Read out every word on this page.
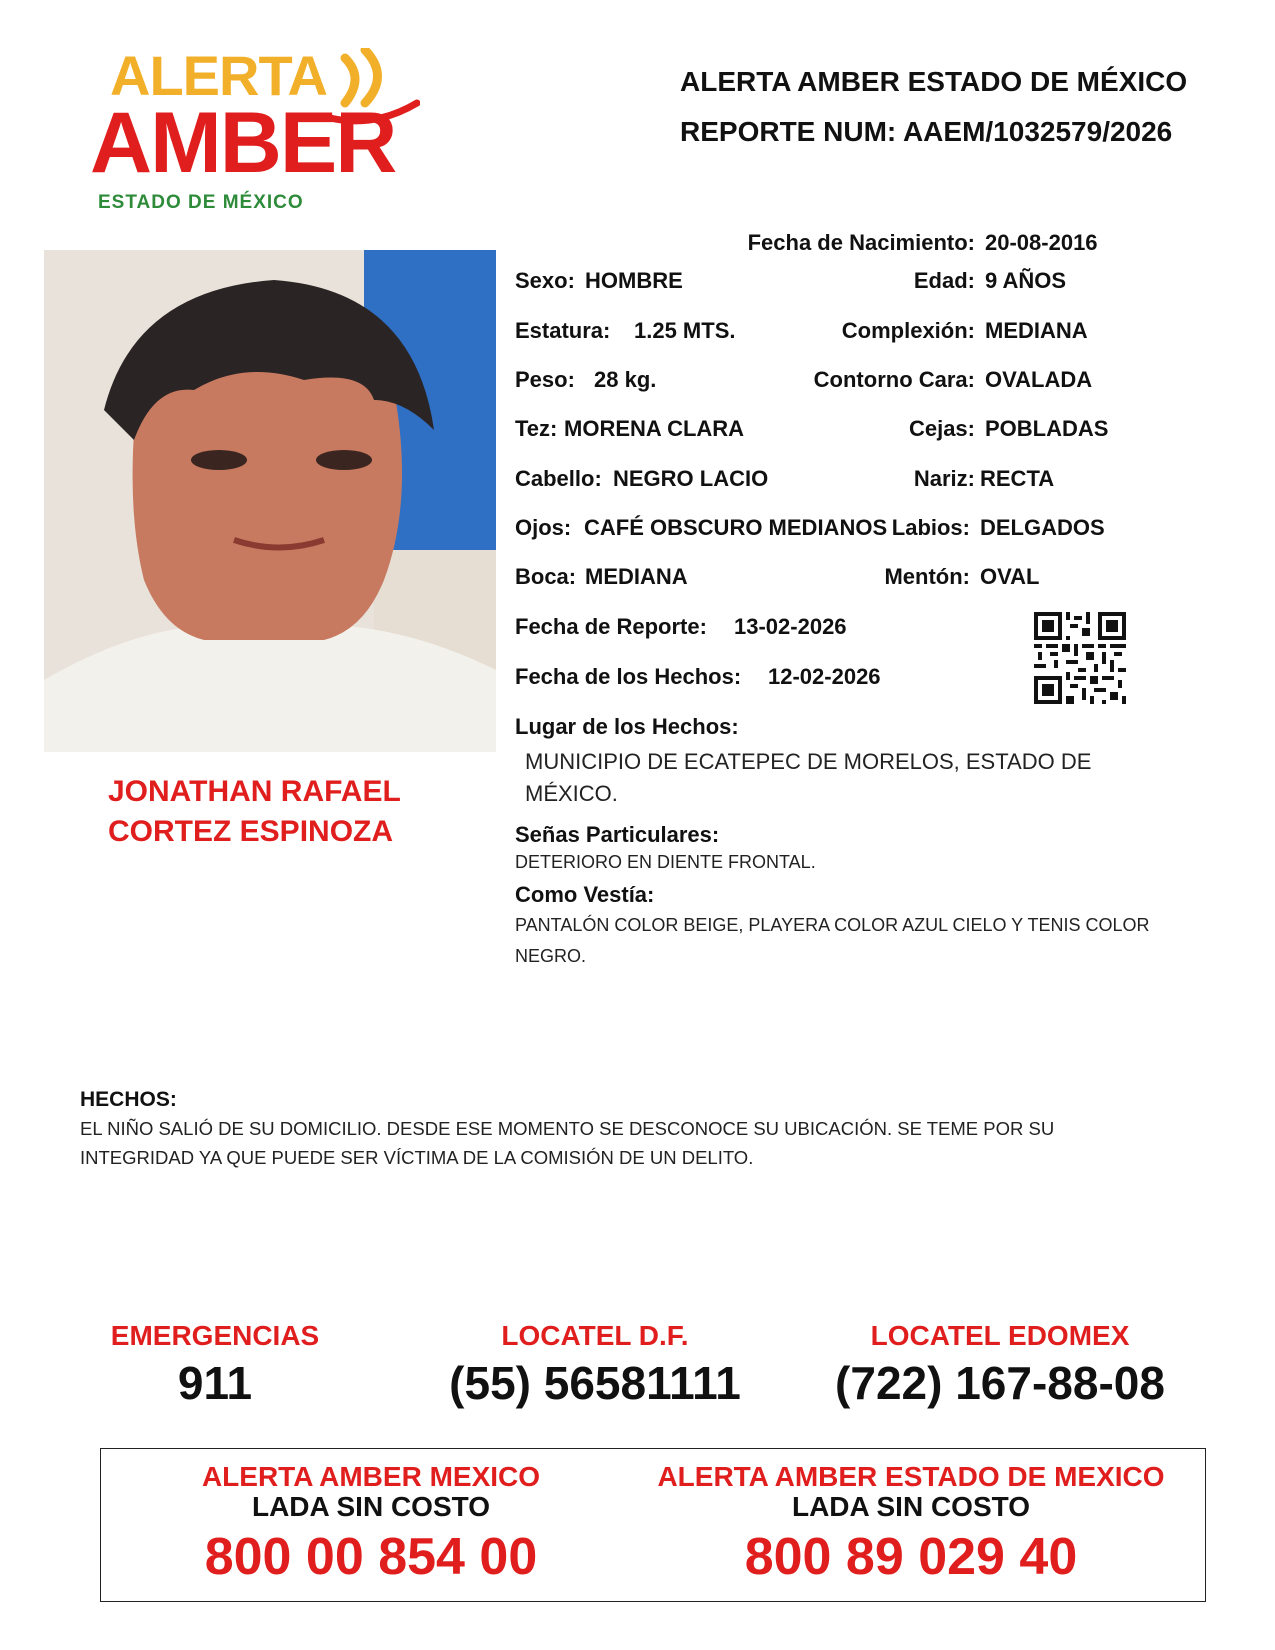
ALERTA
AMBER
ESTADO DE MÉXICO
ALERTA AMBER ESTADO DE MÉXICO
REPORTE NUM: AAEM/1032579/2026
JONATHAN RAFAEL
CORTEZ ESPINOZA
Fecha de Nacimiento: 20-08-2016
Sexo: HOMBRE	Edad: 9 AÑOS
Estatura: 1.25 MTS.	Complexión: MEDIANA
Peso: 28 kg.	Contorno Cara: OVALADA
Tez: MORENA CLARA	Cejas: POBLADAS
Cabello: NEGRO LACIO	Nariz: RECTA
Ojos: CAFÉ OBSCURO MEDIANOS Labios: DELGADOS
Boca: MEDIANA	Mentón: OVAL
Fecha de Reporte: 13-02-2026
Fecha de los Hechos: 12-02-2026
Lugar de los Hechos:
MUNICIPIO DE ECATEPEC DE MORELOS, ESTADO DE MÉXICO.
Señas Particulares:
DETERIORO EN DIENTE FRONTAL.
Como Vestía:
PANTALÓN COLOR BEIGE, PLAYERA COLOR AZUL CIELO Y TENIS COLOR NEGRO.
HECHOS:
EL NIÑO SALIÓ DE SU DOMICILIO. DESDE ESE MOMENTO SE DESCONOCE SU UBICACIÓN. SE TEME POR SU INTEGRIDAD YA QUE PUEDE SER VÍCTIMA DE LA COMISIÓN DE UN DELITO.
EMERGENCIAS
911
LOCATEL D.F.
(55) 56581111
LOCATEL EDOMEX
(722) 167-88-08
ALERTA AMBER MEXICO
LADA SIN COSTO
800 00 854 00
ALERTA AMBER ESTADO DE MEXICO
LADA SIN COSTO
800 89 029 40
